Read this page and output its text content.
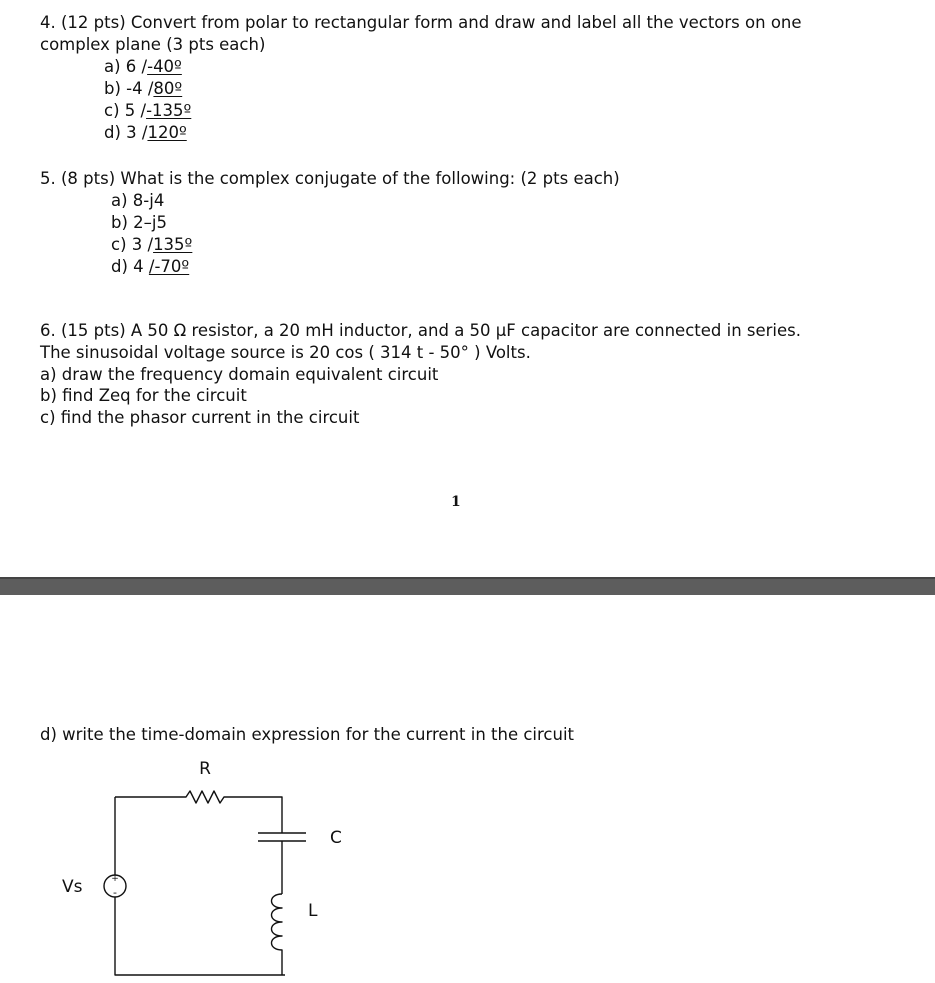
4. (12 pts) Convert from polar to rectangular form and draw and label all the vectors on one
complex plane (3 pts each)
a) 6 /-40º
b) -4 /80º
c) 5 /-135º
d) 3 /120º
5. (8 pts) What is the complex conjugate of the following: (2 pts each)
a) 8-j4
b) 2–j5
c) 3 /135º
d) 4 /-70º
6. (15 pts) A 50 Ω resistor, a 20 mH inductor, and a 50 μF capacitor are connected in series.
The sinusoidal voltage source is 20 cos ( 314 t - 50° ) Volts.
a) draw the frequency domain equivalent circuit
b) find Zeq for the circuit
c) find the phasor current in the circuit
1
d) write the time-domain expression for the current in the circuit
R
C
L
Vs	+
-
